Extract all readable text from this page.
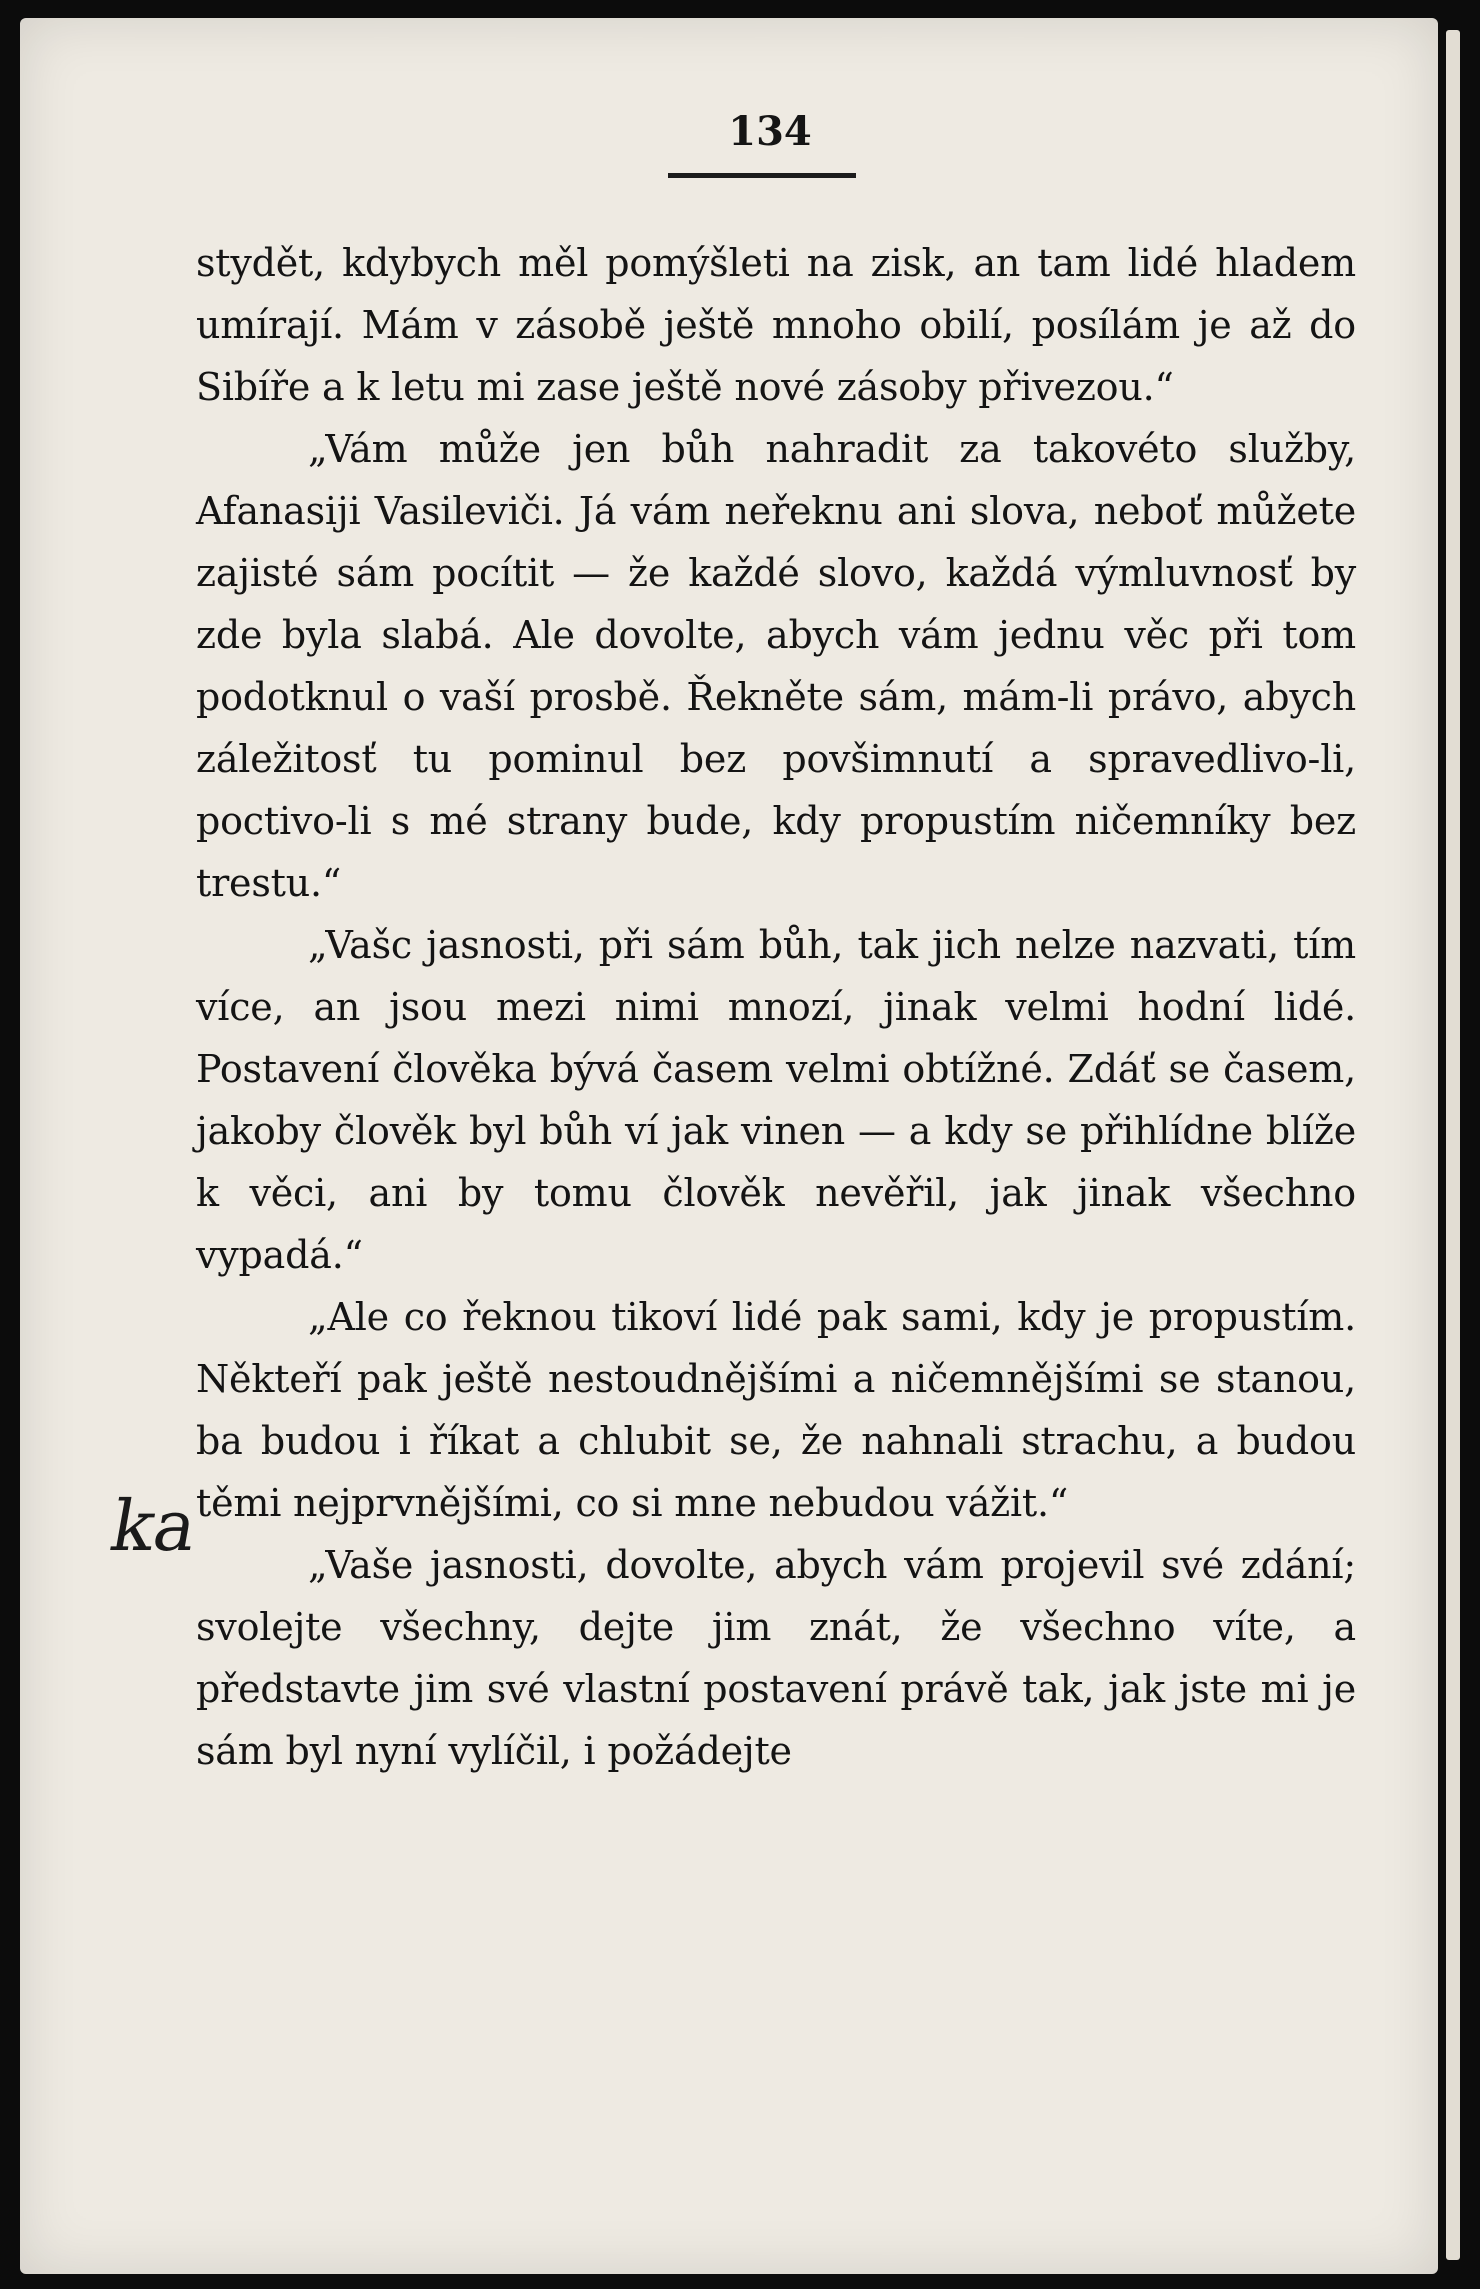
134
ka

stydět, kdybych měl pomýšleti na zisk, an tam lidé hladem umírají. Mám v zásobě ještě mnoho obilí, posílám je až do Sibíře a k letu mi zase ještě nové zásoby přivezou.“

„Vám může jen bůh nahradit za takovéto služby, Afanasiji Vasileviči. Já vám neřeknu ani slova, neboť můžete zajisté sám pocítit — že každé slovo, každá výmluvnosť by zde byla slabá. Ale dovolte, abych vám jednu věc při tom podotknul o vaší prosbě. Řekněte sám, mám-li právo, abych záležitosť tu pominul bez povšimnutí a spravedlivo-li, poctivo-li s mé strany bude, kdy propustím ničemníky bez trestu.“

„Vašc jasnosti, při sám bůh, tak jich nelze nazvati, tím více, an jsou mezi nimi mnozí, jinak velmi hodní lidé. Postavení člověka bývá časem velmi obtížné. Zdáť se časem, jakoby člověk byl bůh ví jak vinen — a kdy se přihlídne blíže k věci, ani by tomu člověk nevěřil, jak jinak všechno vypadá.“

„Ale co řeknou tikoví lidé pak sami, kdy je propustím. Někteří pak ještě nestoudnějšími a ničemnějšími se stanou, ba budou i říkat a chlubit se, že nahnali strachu, a budou těmi nejprvnějšími, co si mne nebudou vážit.“

„Vaše jasnosti, dovolte, abych vám projevil své zdání; svolejte všechny, dejte jim znát, že všechno víte, a představte jim své vlastní postavení právě tak, jak jste mi je sám byl nyní vylíčil, i požádejte
